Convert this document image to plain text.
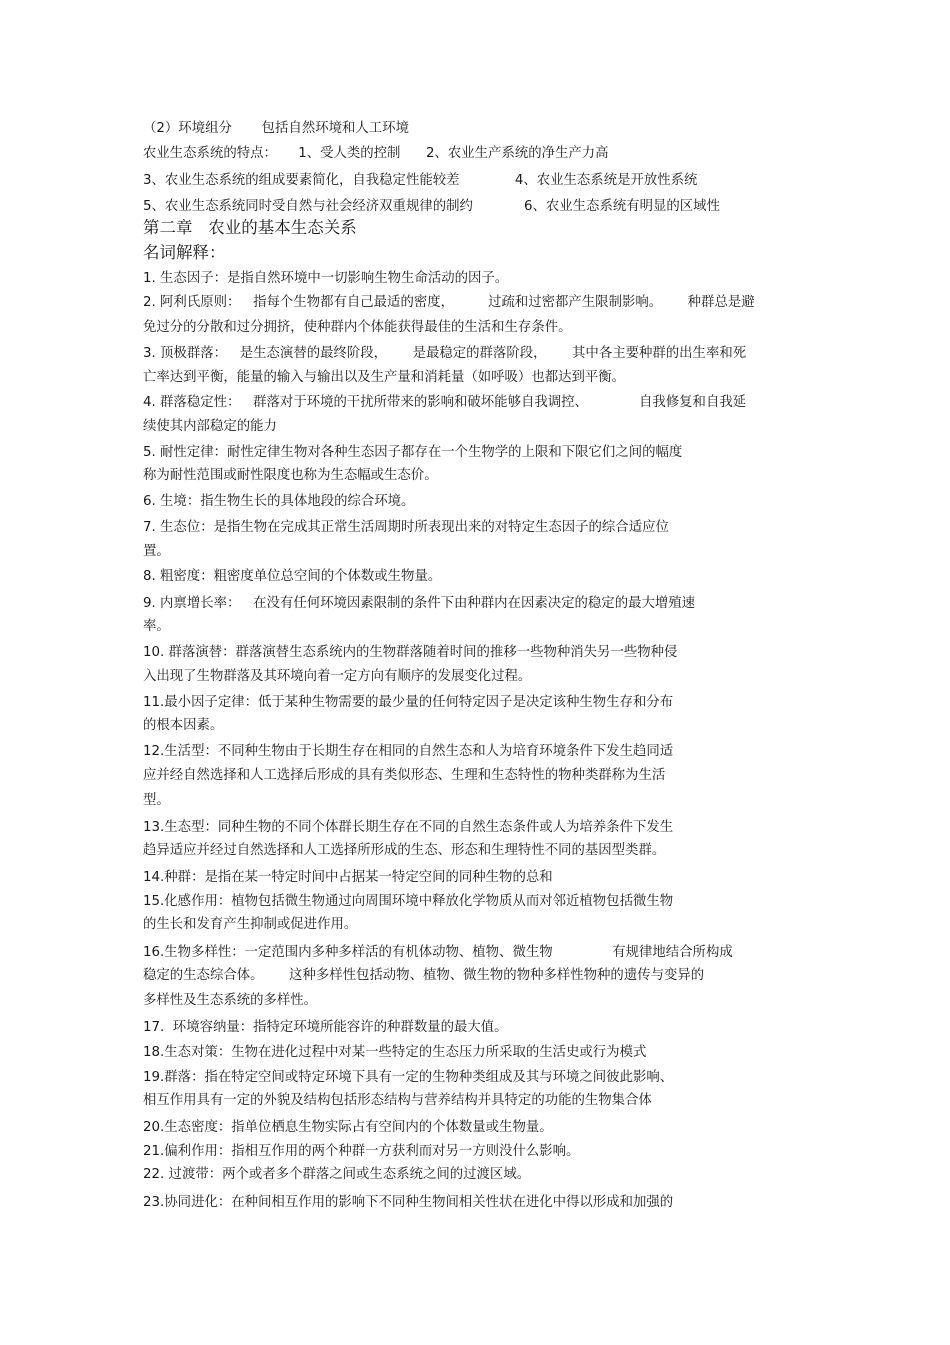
（2）环境组分       包括自然环境和人工环境
农业生态系统的特点：     1、受人类的控制      2、农业生产系统的净生产力高
3、农业生态系统的组成要素简化，自我稳定性能较差             4、农业生态系统是开放性系统
5、农业生态系统同时受自然与社会经济双重规律的制约            6、农业生态系统有明显的区域性
第二章   农业的基本生态关系
名词解释：
1. 生态因子：是指自然环境中一切影响生物生命活动的因子。
2. 阿利氏原则：   指每个生物都有自己最适的密度，        过疏和过密都产生限制影响。      种群总是避
免过分的分散和过分拥挤，使种群内个体能获得最佳的生活和生存条件。
3. 顶极群落：   是生态演替的最终阶段，      是最稳定的群落阶段，      其中各主要种群的出生率和死
亡率达到平衡，能量的输入与输出以及生产量和消耗量（如呼吸）也都达到平衡。
4. 群落稳定性：   群落对于环境的干扰所带来的影响和破坏能够自我调控、            自我修复和自我延
续使其内部稳定的能力
5. 耐性定律：耐性定律生物对各种生态因子都存在一个生物学的上限和下限它们之间的幅度
称为耐性范围或耐性限度也称为生态幅或生态价。
6. 生境：指生物生长的具体地段的综合环境。
7. 生态位：是指生物在完成其正常生活周期时所表现出来的对特定生态因子的综合适应位
置。
8. 粗密度：粗密度单位总空间的个体数或生物量。
9. 内禀增长率：   在没有任何环境因素限制的条件下由种群内在因素决定的稳定的最大增殖速
率。
10. 群落演替：群落演替生态系统内的生物群落随着时间的推移一些物种消失另一些物种侵
入出现了生物群落及其环境向着一定方向有顺序的发展变化过程。
11.最小因子定律：低于某种生物需要的最少量的任何特定因子是决定该种生物生存和分布
的根本因素。
12.生活型：不同种生物由于长期生存在相同的自然生态和人为培育环境条件下发生趋同适
应并经自然选择和人工选择后形成的具有类似形态、生理和生态特性的物种类群称为生活
型。
13.生态型：同种生物的不同个体群长期生存在不同的自然生态条件或人为培养条件下发生
趋异适应并经过自然选择和人工选择所形成的生态、形态和生理特性不同的基因型类群。
14.种群：是指在某一特定时间中占据某一特定空间的同种生物的总和
15.化感作用：植物包括微生物通过向周围环境中释放化学物质从而对邻近植物包括微生物
的生长和发育产生抑制或促进作用。
16.生物多样性：一定范围内多种多样活的有机体动物、植物、微生物              有规律地结合所构成
稳定的生态综合体。      这种多样性包括动物、植物、微生物的物种多样性物种的遗传与变异的
多样性及生态系统的多样性。
17.  环境容纳量：指特定环境所能容许的种群数量的最大值。
18.生态对策：生物在进化过程中对某一些特定的生态压力所采取的生活史或行为模式
19.群落：指在特定空间或特定环境下具有一定的生物种类组成及其与环境之间彼此影响、
相互作用具有一定的外貌及结构包括形态结构与营养结构并具特定的功能的生物集合体
20.生态密度：指单位栖息生物实际占有空间内的个体数量或生物量。
21.偏利作用：指相互作用的两个种群一方获利而对另一方则没什么影响。
22. 过渡带：两个或者多个群落之间或生态系统之间的过渡区域。
23.协同进化：在种间相互作用的影响下不同种生物间相关性状在进化中得以形成和加强的
